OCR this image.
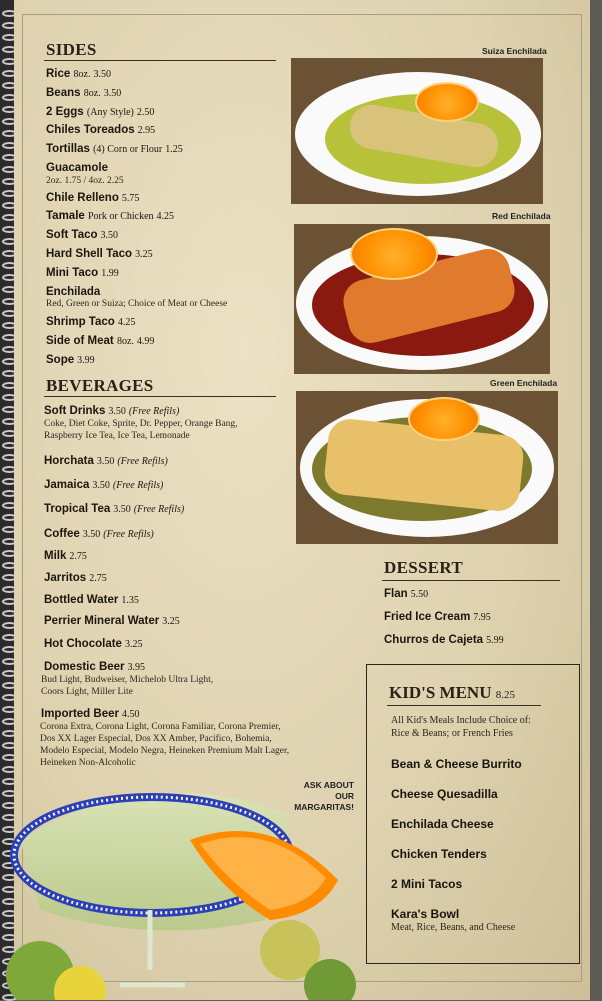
SIDES
Rice 8oz. 3.50
Beans 8oz. 3.50
2 Eggs (Any Style) 2.50
Chiles Toreados 2.95
Tortillas (4) Corn or Flour 1.25
Guacamole
2oz. 1.75 / 4oz. 2.25
Chile Relleno 5.75
Tamale Pork or Chicken 4.25
Soft Taco 3.50
Hard Shell Taco 3.25
Mini Taco 1.99
Enchilada
Red, Green or Suiza; Choice of Meat or Cheese
Shrimp Taco 4.25
Side of Meat 8oz. 4.99
Sope 3.99
BEVERAGES
Soft Drinks 3.50 (Free Refils)
Coke, Diet Coke, Sprite, Dr. Pepper, Orange Bang,
Raspberry Ice Tea, Ice Tea, Lemonade
Horchata 3.50 (Free Refils)
Jamaica 3.50 (Free Refils)
Tropical Tea 3.50 (Free Refils)
Coffee 3.50 (Free Refils)
Milk 2.75
Jarritos 2.75
Bottled Water 1.35
Perrier Mineral Water 3.25
Hot Chocolate 3.25
Domestic Beer 3.95
Bud Light, Budweiser, Michelob Ultra Light,
Coors Light, Miller Lite
Imported Beer 4.50
Corona Extra, Corona Light, Corona Familiar, Corona Premier,
Dos XX Lager Especial, Dos XX Amber, Pacifico, Bohemia,
Modelo Especial, Modelo Negra, Heineken Premium Malt Lager,
Heineken Non-Alcoholic
Suiza Enchilada
Red Enchilada
Green Enchilada
DESSERT
Flan 5.50
Fried Ice Cream 7.95
Churros de Cajeta 5.99
KID'S MENU 8.25
All Kid's Meals Include Choice of:
Rice & Beans; or French Fries
Bean & Cheese Burrito
Cheese Quesadilla
Enchilada Cheese
Chicken Tenders
2 Mini Tacos
Kara's Bowl
Meat, Rice, Beans, and Cheese
ASK ABOUT OUR
MARGARITAS!
